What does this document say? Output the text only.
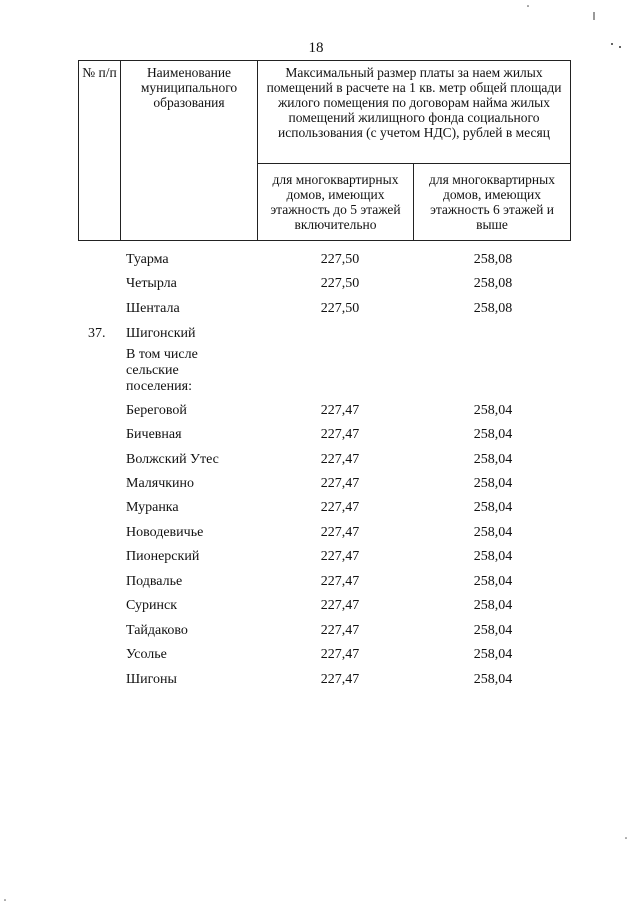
18
№ п/п	Наименование муниципального образования	Максимальный размер платы за наем жилых помещений в расчете на 1 кв. метр общей площади жилого помещения по договорам найма жилых помещений жилищного фонда социального использования (с учетом НДС), рублей в месяц	
		для многоквартирных домов, имеющих этажность до 5 этажей включительно	для многоквартирных домов, имеющих этажность 6 этажей и выше
Туарма	227,50	258,08
Четырла	227,50	258,08
Шентала	227,50	258,08
37. Шигонский
В том числе
сельские
поселения:
Береговой	227,47	258,04
Бичевная	227,47	258,04
Волжский Утес	227,47	258,04
Малячкино	227,47	258,04
Муранка	227,47	258,04
Новодевичье	227,47	258,04
Пионерский	227,47	258,04
Подвалье	227,47	258,04
Суринск	227,47	258,04
Тайдаково	227,47	258,04
Усолье	227,47	258,04
Шигоны	227,47	258,04
